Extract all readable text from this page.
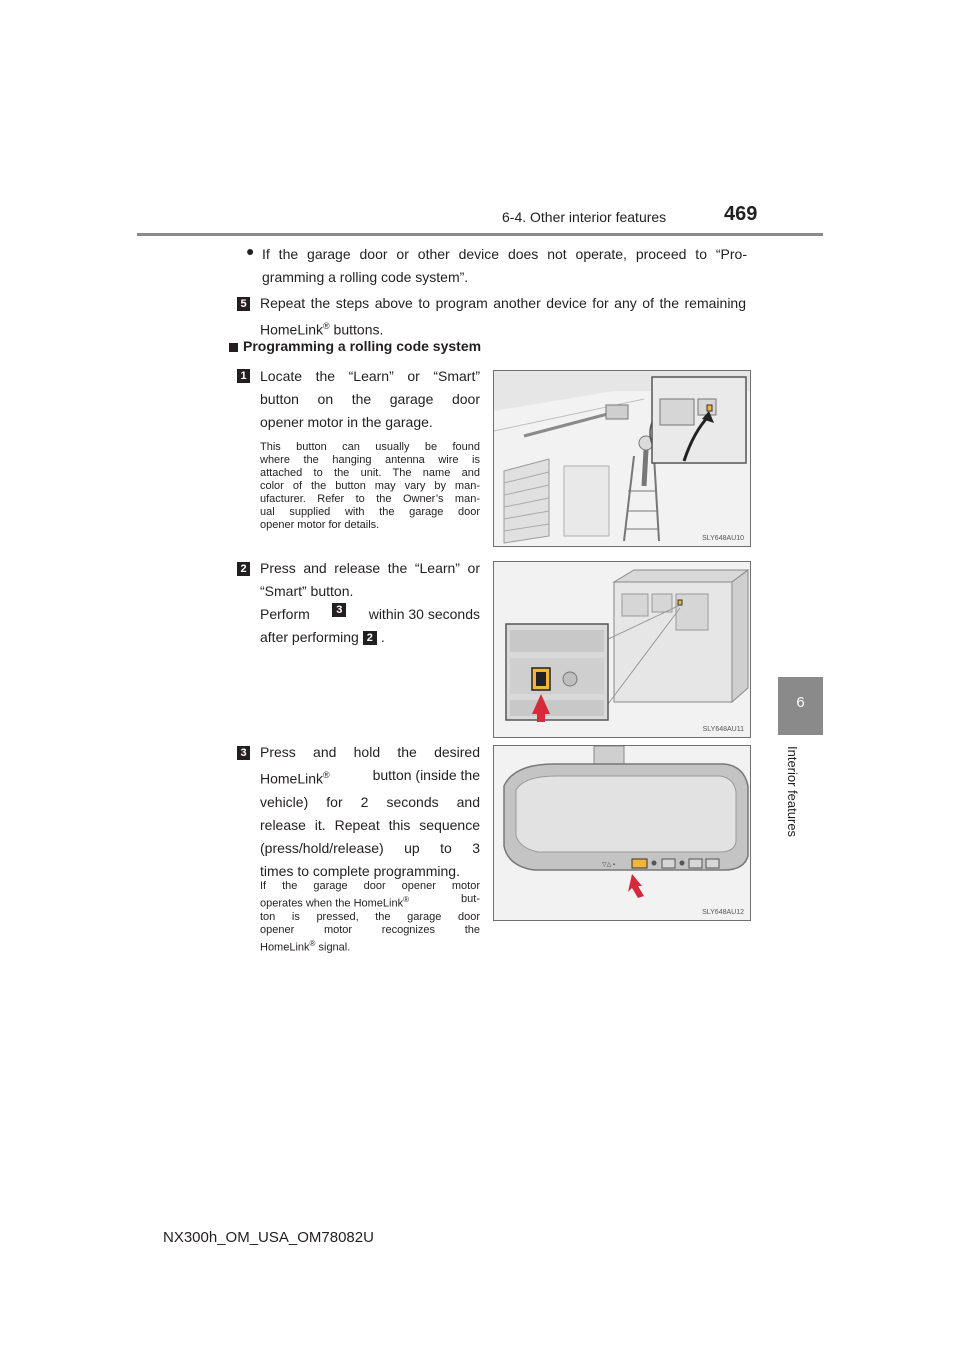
6-4. Other interior features	469
6
Interior features
● If the garage door or other device does not operate, proceed to “Pro-
gramming a rolling code system”.
5 Repeat the steps above to program another device for any of the remaining
HomeLink® buttons.
Programming a rolling code system
1 Locate the “Learn” or “Smart”
button on the garage door
opener motor in the garage.
This button can usually be found
where the hanging antenna wire is
attached to the unit. The name and
color of the button may vary by man-
ufacturer. Refer to the Owner’s man-
ual supplied with the garage door
opener motor for details.
SLY648AU10
2 Press and release the “Learn” or
“Smart” button.
Perform	3 within 30 seconds
after performing 2 .
SLY648AU11
3 Press and hold the desired
HomeLink®	button (inside the
vehicle) for 2 seconds and
release it. Repeat this sequence
(press/hold/release) up to 3
times to complete programming.
If the garage door opener motor
operates when the HomeLink®	but-
ton is pressed, the garage door
opener motor recognizes the
HomeLink® signal.
▽△ ▪
SLY648AU12
NX300h_OM_USA_OM78082U
